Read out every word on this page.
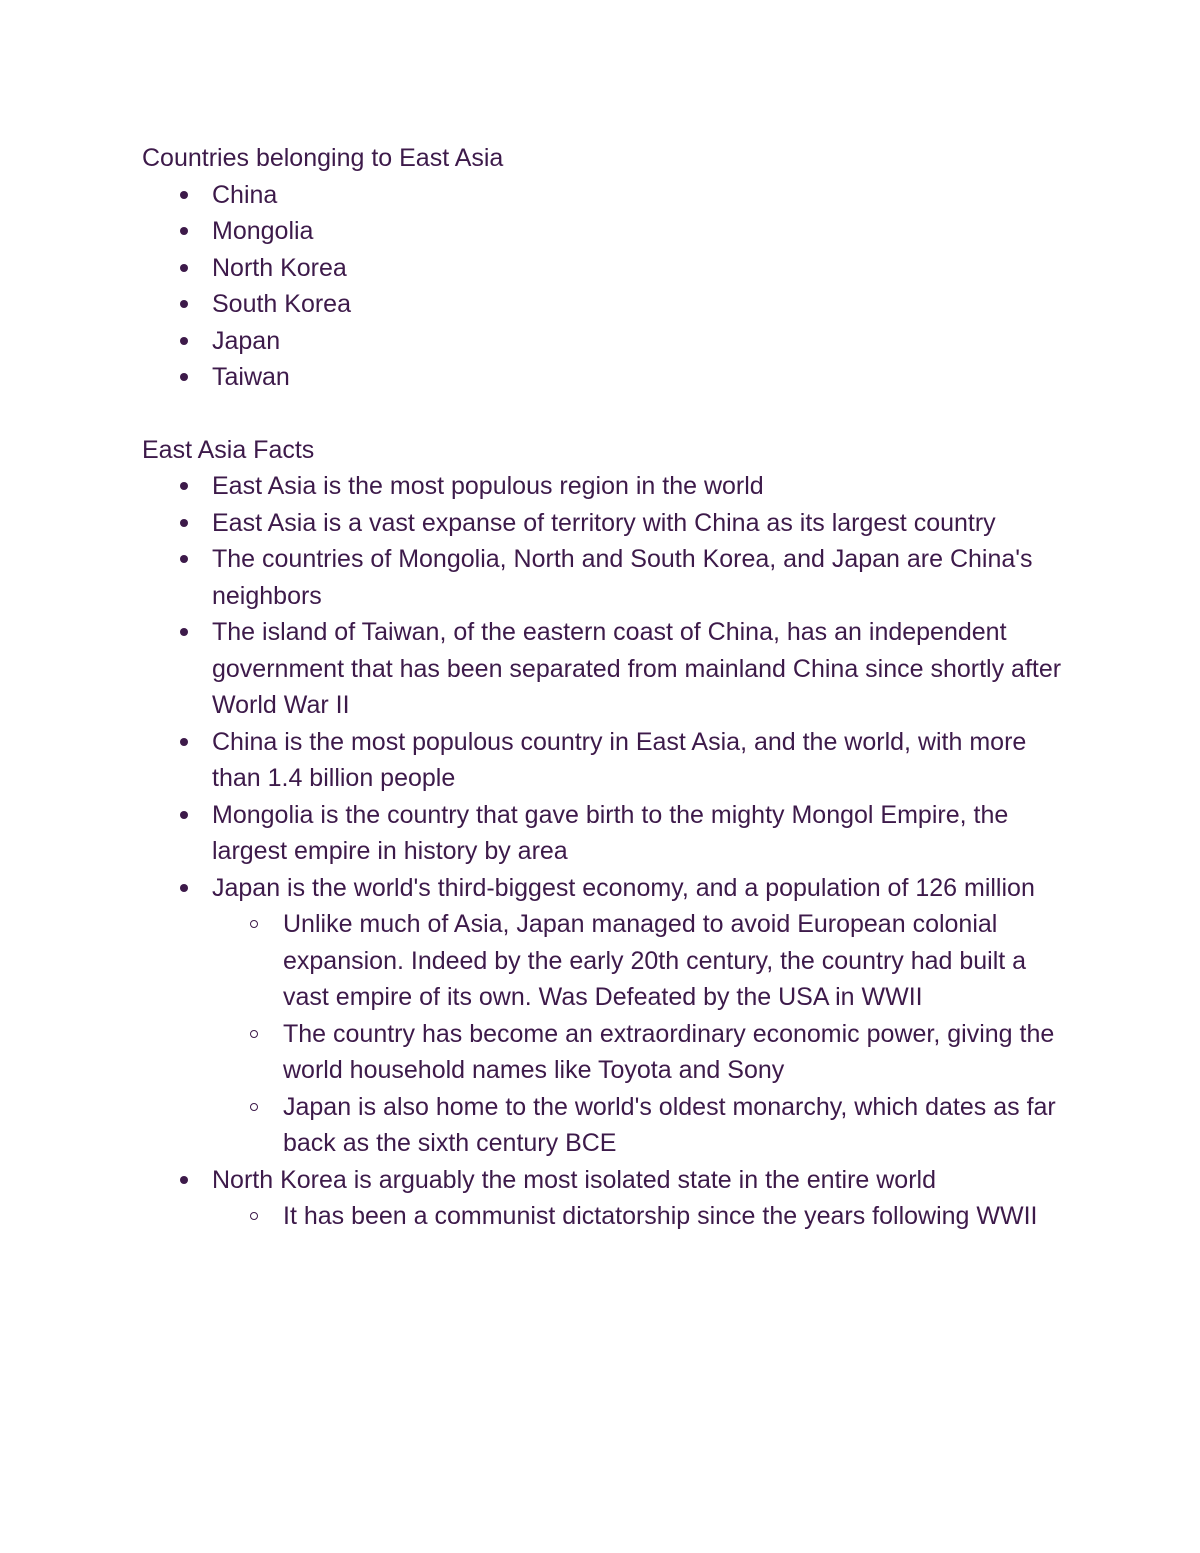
Countries belonging to East Asia
China
Mongolia
North Korea
South Korea
Japan
Taiwan
East Asia Facts
East Asia is the most populous region in the world
East Asia is a vast expanse of territory with China as its largest country
The countries of Mongolia, North and South Korea, and Japan are China's neighbors
The island of Taiwan, of the eastern coast of China, has an independent government that has been separated from mainland China since shortly after World War II
China is the most populous country in East Asia, and the world, with more than 1.4 billion people
Mongolia is the country that gave birth to the mighty Mongol Empire, the largest empire in history by area
Japan is the world's third-biggest economy, and a population of 126 million
Unlike much of Asia, Japan managed to avoid European colonial expansion. Indeed by the early 20th century, the country had built a vast empire of its own. Was Defeated by the USA in WWII
The country has become an extraordinary economic power, giving the world household names like Toyota and Sony
Japan is also home to the world's oldest monarchy, which dates as far back as the sixth century BCE
North Korea is arguably the most isolated state in the entire world
It has been a communist dictatorship since the years following WWII
